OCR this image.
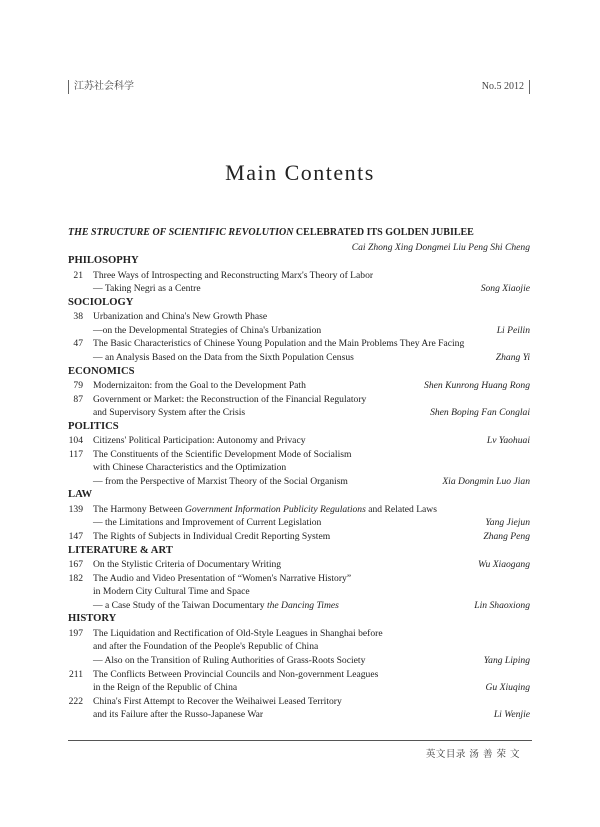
江苏社会科学	No.5 2012
Main Contents
THE STRUCTURE OF SCIENTIFIC REVOLUTION CELEBRATED ITS GOLDEN JUBILEE
Cai Zhong Xing Dongmei Liu Peng Shi Cheng
PHILOSOPHY
21 Three Ways of Introspecting and Reconstructing Marx's Theory of Labor
— Taking Negri as a Centre	Song Xiaojie
SOCIOLOGY
38 Urbanization and China's New Growth Phase
—on the Developmental Strategies of China's Urbanization	Li Peilin
47 The Basic Characteristics of Chinese Young Population and the Main Problems They Are Facing
— an Analysis Based on the Data from the Sixth Population Census	Zhang Yi
ECONOMICS
79 Modernizaiton: from the Goal to the Development Path	Shen Kunrong Huang Rong
87 Government or Market: the Reconstruction of the Financial Regulatory
and Supervisory System after the Crisis	Shen Boping Fan Conglai
POLITICS
104 Citizens' Political Participation: Autonomy and Privacy	Lv Yaohuai
117 The Constituents of the Scientific Development Mode of Socialism
with Chinese Characteristics and the Optimization
— from the Perspective of Marxist Theory of the Social Organism	Xia Dongmin Luo Jian
LAW
139 The Harmony Between Government Information Publicity Regulations and Related Laws
— the Limitations and Improvement of Current Legislation	Yang Jiejun
147 The Rights of Subjects in Individual Credit Reporting System	Zhang Peng
LITERATURE & ART
167 On the Stylistic Criteria of Documentary Writing	Wu Xiaogang
182 The Audio and Video Presentation of “Women's Narrative History”
in Modern City Cultural Time and Space
— a Case Study of the Taiwan Documentary the Dancing Times	Lin Shaoxiong
HISTORY
197 The Liquidation and Rectification of Old-Style Leagues in Shanghai before
and after the Foundation of the People's Republic of China
— Also on the Transition of Ruling Authorities of Grass-Roots Society	Yang Liping
211 The Conflicts Between Provincial Councils and Non-government Leagues
in the Reign of the Republic of China	Gu Xiuqing
222 China's First Attempt to Recover the Weihaiwei Leased Territory
and its Failure after the Russo-Japanese War	Li Wenjie
英文目录 汤 善 荣 文
